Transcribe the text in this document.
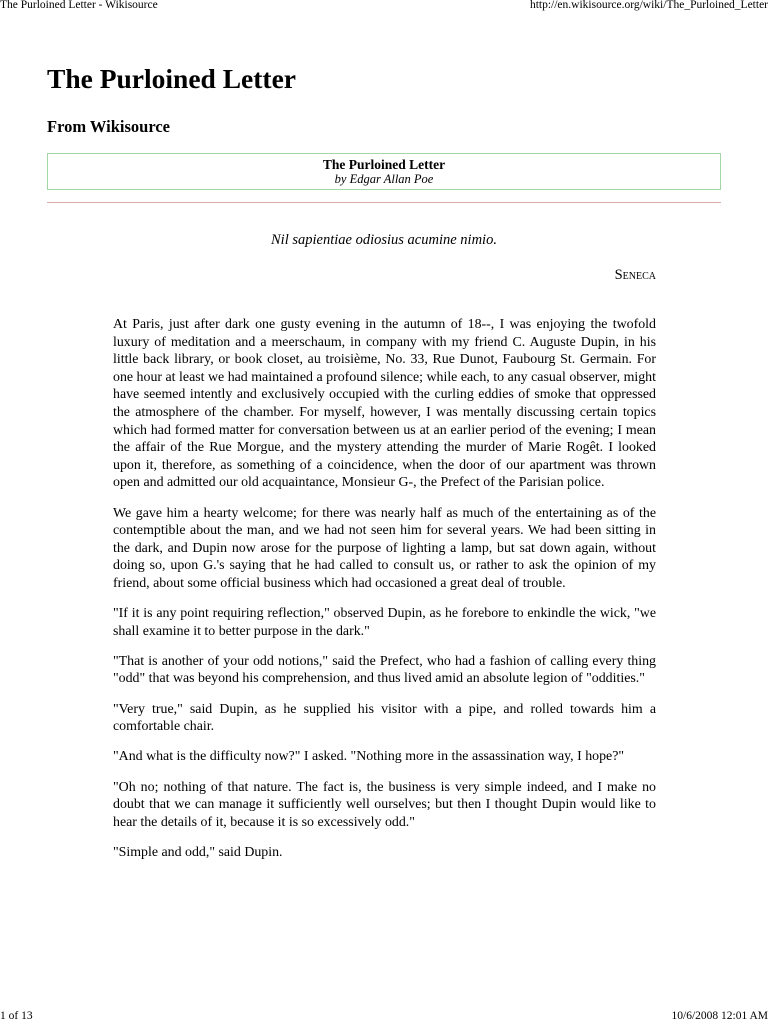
The Purloined Letter - Wikisource	http://en.wikisource.org/wiki/The_Purloined_Letter
The Purloined Letter
From Wikisource
The Purloined Letter
by Edgar Allan Poe
Nil sapientiae odiosius acumine nimio.
Seneca

At Paris, just after dark one gusty evening in the autumn of 18--, I was enjoying the twofold luxury of meditation and a meerschaum, in company with my friend C. Auguste Dupin, in his little back library, or book closet, au troisième, No. 33, Rue Dunot, Faubourg St. Germain. For one hour at least we had maintained a profound silence; while each, to any casual observer, might have seemed intently and exclusively occupied with the curling eddies of smoke that oppressed the atmosphere of the chamber. For myself, however, I was mentally discussing certain topics which had formed matter for conversation between us at an earlier period of the evening; I mean the affair of the Rue Morgue, and the mystery attending the murder of Marie Rogêt. I looked upon it, therefore, as something of a coincidence, when the door of our apartment was thrown open and admitted our old acquaintance, Monsieur G-, the Prefect of the Parisian police.

We gave him a hearty welcome; for there was nearly half as much of the entertaining as of the contemptible about the man, and we had not seen him for several years. We had been sitting in the dark, and Dupin now arose for the purpose of lighting a lamp, but sat down again, without doing so, upon G.'s saying that he had called to consult us, or rather to ask the opinion of my friend, about some official business which had occasioned a great deal of trouble.

"If it is any point requiring reflection," observed Dupin, as he forebore to enkindle the wick, "we shall examine it to better purpose in the dark."

"That is another of your odd notions," said the Prefect, who had a fashion of calling every thing "odd" that was beyond his comprehension, and thus lived amid an absolute legion of "oddities."

"Very true," said Dupin, as he supplied his visitor with a pipe, and rolled towards him a comfortable chair.

"And what is the difficulty now?" I asked. "Nothing more in the assassination way, I hope?"

"Oh no; nothing of that nature. The fact is, the business is very simple indeed, and I make no doubt that we can manage it sufficiently well ourselves; but then I thought Dupin would like to hear the details of it, because it is so excessively odd."

"Simple and odd," said Dupin.

1 of 13	10/6/2008 12:01 AM
